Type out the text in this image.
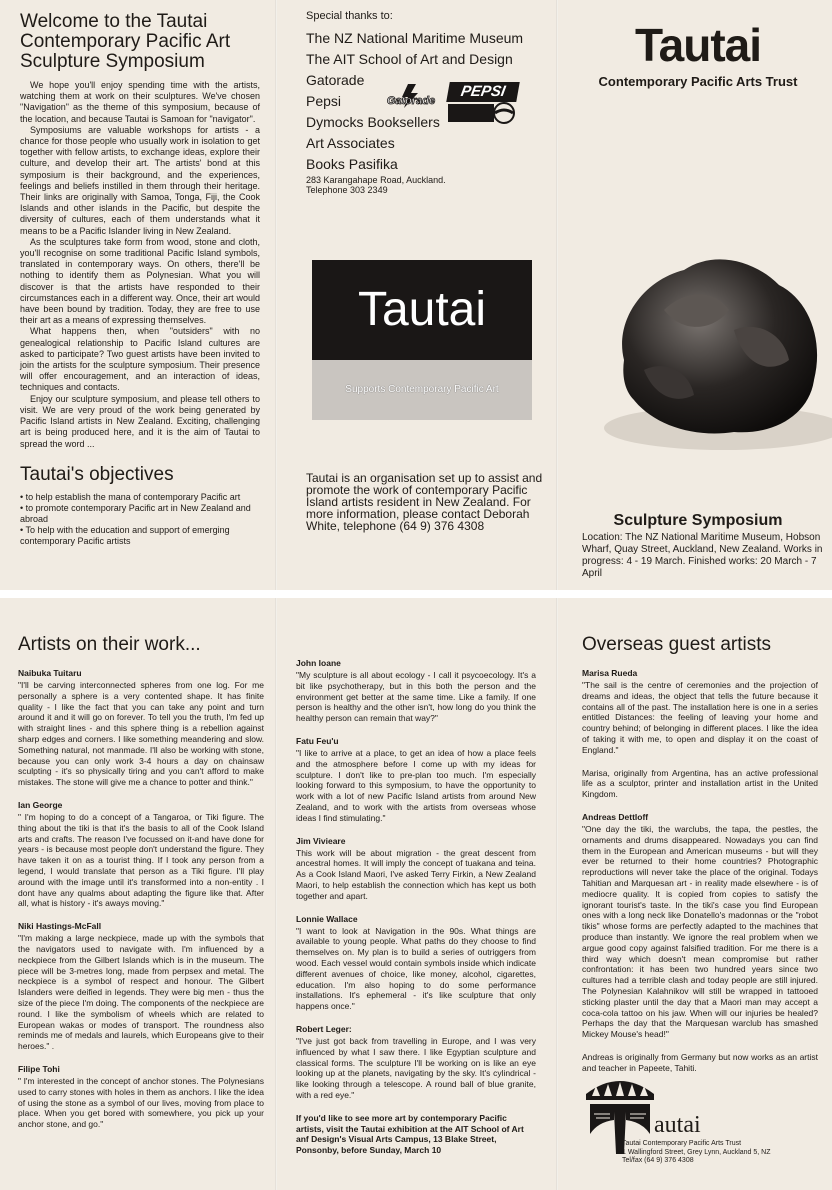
Welcome to the Tautai Contemporary Pacific Art Sculpture Symposium

We hope you'll enjoy spending time with the artists, watching them at work on their sculptures. We've chosen "Navigation" as the theme of this symposium, because of the location, and because Tautai is Samoan for "navigator".

Symposiums are valuable workshops for artists - a chance for those people who usually work in isolation to get together with fellow artists, to exchange ideas, explore their culture, and develop their art. The artists' bond at this symposium is their background, and the experiences, feelings and beliefs instilled in them through their heritage. Their links are originally with Samoa, Tonga, Fiji, the Cook Islands and other islands in the Pacific, but despite the diversity of cultures, each of them understands what it means to be a Pacific Islander living in New Zealand.

As the sculptures take form from wood, stone and cloth, you'll recognise on some traditional Pacific Island symbols, translated in contemporary ways. On others, there'll be nothing to identify them as Polynesian. What you will discover is that the artists have responded to their circumstances each in a different way. Once, their art would have been bound by tradition. Today, they are free to use their art as a means of expressing themselves.

What happens then, when "outsiders" with no genealogical relationship to Pacific Island cultures are asked to participate? Two guest artists have been invited to join the artists for the sculpture symposium. Their presence will offer encouragement, and an interaction of ideas, techniques and contacts.

Enjoy our sculpture symposium, and please tell others to visit. We are very proud of the work being generated by Pacific Island artists in New Zealand. Exciting, challenging art is being produced here, and it is the aim of Tautai to spread the word ...

Tautai's objectives
• to help establish the mana of contemporary Pacific art
• to promote contemporary Pacific art in New Zealand and abroad
• To help with the education and support of emerging contemporary Pacific artists
Special thanks to:
The NZ National Maritime Museum
The AIT School of Art and Design
Gatorade
Pepsi
Dymocks Booksellers
Art Associates
Books Pasifika
283 Karangahape Road, Auckland.
Telephone 303 2349
Gatorade
PEPSI
Tautai
Supports Contemporary Pacific Art
Tautai is an organisation set up to assist and promote the work of contemporary Pacific Island artists resident in New Zealand. For more information, please contact Deborah White, telephone (64 9) 376 4308
Tautai
Contemporary Pacific Arts Trust
Sculpture Symposium
Location: The NZ National Maritime Museum, Hobson Wharf, Quay Street, Auckland, New Zealand. Works in progress: 4 - 19 March. Finished works: 20 March - 7 April
Artists on their work...

Naibuka Tuitaru

"I'll be carving interconnected spheres from one log. For me personally a sphere is a very contented shape. It has finite quality - I like the fact that you can take any point and turn around it and it will go on forever. To tell you the truth, I'm fed up with straight lines - and this sphere thing is a rebellion against sharp edges and corners. I like something meandering and slow. Something natural, not manmade. I'll also be working with stone, because you can only work 3-4 hours a day on chainsaw sculpting - it's so physically tiring and you can't afford to make mistakes. The stone will give me a chance to potter and think."

Ian George

" I'm hoping to do a concept of a Tangaroa, or Tiki figure. The thing about the tiki is that it's the basis to all of the Cook Island arts and crafts. The reason I've focussed on it-and have done for years - is because most people don't understand the figure. They have taken it on as a tourist thing. If I took any person from a legend, I would translate that person as a Tiki figure. I'll play around with the image until it's transformed into a non-entity . I dont have any qualms about adapting the figure like that. After all, what is history - it's aways moving."

Niki Hastings-McFall

"I'm making a large neckpiece, made up with the symbols that the navigators used to navigate with. I'm influenced by a neckpiece from the Gilbert Islands which is in the museum. The piece will be 3-metres long, made from perpsex and metal. The neckpiece is a symbol of respect and honour. The Gilbert Islanders were deified in legends. They were big men - thus the size of the piece I'm doing. The components of the neckpiece are round. I like the symbolism of wheels which are related to European wakas or modes of transport. The roundness also reminds me of medals and laurels, which Europeans give to their heroes." .

Filipe Tohi

" I'm interested in the concept of anchor stones. The Polynesians used to carry stones with holes in them as anchors. I like the idea of using the stone as a symbol of our lives, moving from place to place. When you get bored with somewhere, you pick up your anchor stone, and go."

John Ioane

"My sculpture is all about ecology - I call it psycoecology. It's a bit like psychotherapy, but in this both the person and the environment get better at the same time. Like a family. If one person is healthy and the other isn't, how long do you think the healthy person can remain that way?"

Fatu Feu'u

"I like to arrive at a place, to get an idea of how a place feels and the atmosphere before I come up with my ideas for sculpture. I don't like to pre-plan too much. I'm especially looking forward to this symposium, to have the opportunity to work with a lot of new Pacific Island artists from around New Zealand, and to work with the artists from overseas whose ideas I find stimulating."

Jim Vivieare

This work will be about migration - the great descent from ancestral homes. It will imply the concept of tuakana and teina. As a Cook Island Maori, I've asked Terry Firkin, a New Zealand Maori, to help establish the connection which has kept us both together and apart.

Lonnie Wallace

"I want to look at Navigation in the 90s. What things are available to young people. What paths do they choose to find themselves on. My plan is to build a series of outriggers from wood. Each vessel would contain symbols inside which indicate different avenues of choice, like money, alcohol, cigarettes, education. I'm also hoping to do some performance installations. It's ephemeral - it's like sculpture that only happens once."

Robert Leger:

"I've just got back from travelling in Europe, and I was very influenced by what I saw there. I like Egyptian sculpture and classical forms. The sculpture I'll be working on is like an eye looking up at the planets, navigating by the sky. It's cylindrical - like looking through a telescope. A round ball of blue granite, with a red eye."

If you'd like to see more art by contemporary Pacific artists, visit the Tautai exhibition at the AIT School of Art anf Design's Visual Arts Campus, 13 Blake Street, Ponsonby, before Sunday, March 10
Overseas guest artists

Marisa Rueda

"The sail is the centre of ceremonies and the projection of dreams and ideas, the object that tells the future because it contains all of the past. The installation here is one in a series entitled Distances: the feeling of leaving your home and country behind; of belonging in different places. I like the idea of taking it with me, to open and display it on the coast of England."

Marisa, originally from Argentina, has an active professional life as a sculptor, printer and installation artist in the United Kingdom.

Andreas Dettloff

"One day the tiki, the warclubs, the tapa, the pestles, the ornaments and drums disappeared. Nowadays you can find them in the European and American museums - but will they ever be returned to their home countries? Photographic reproductions will never take the place of the original. Todays Tahitian and Marquesan art - in reality made elsewhere - is of mediocre quality. It is copied from copies to satisfy the ignorant tourist's taste. In the tiki's case you find European ones with a long neck like Donatello's madonnas or the "robot tikis" whose forms are perfectly adapted to the machines that produce than instantly. We ignore the real problem when we argue good copy against falsified tradition. For me there is a third way which doesn't mean compromise but rather confrontation: it has been two hundred years since two cultures had a terrible clash and today people are still injured. The Polynesian Kalahnikov will still be wrapped in tattooed sticking plaster until the day that a Maori man may accept a coca-cola tattoo on his jaw. When will our injuries be healed? Perhaps the day that the Marquesan warclub has smashed Mickey Mouse's head!"

Andreas is originally from Germany but now works as an artist and teacher in Papeete, Tahiti.

autai
Tautai Contemporary Pacific Arts Trust
1 Wallingford Street, Grey Lynn, Auckland 5, NZ
Tel/fax (64 9) 376 4308
